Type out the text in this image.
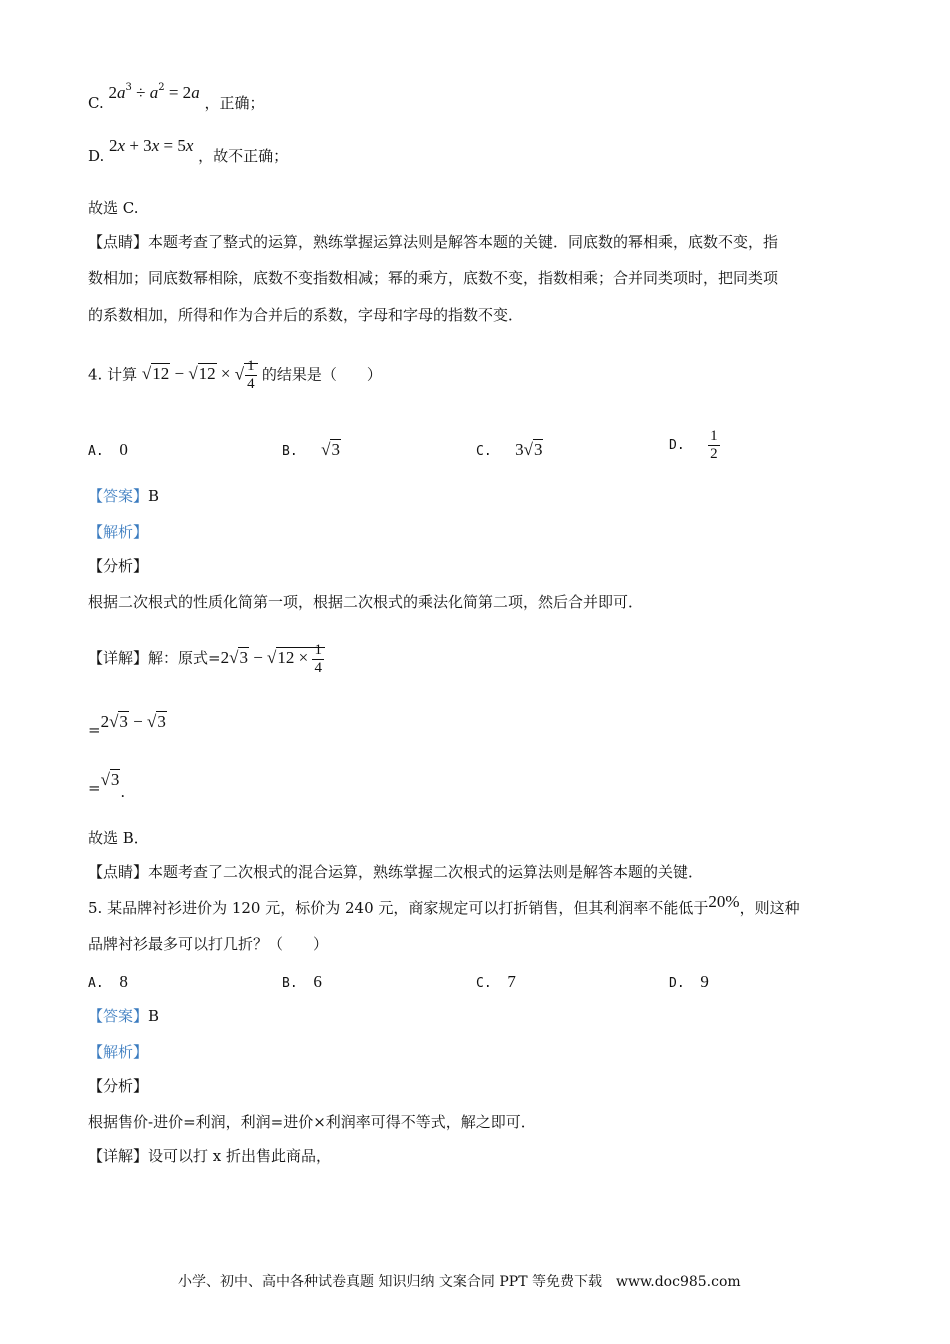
C. $2a^3 \div a^2 = 2a$ ，正确；
D. 2x + 3x = 5x ，故不正确；
故选 C.
【点睛】本题考查了整式的运算，熟练掌握运算法则是解答本题的关键．同底数的幂相乘，底数不变，指
数相加；同底数幂相除，底数不变指数相减；幂的乘方，底数不变，指数相乘；合并同类项时，把同类项
的系数相加，所得和作为合并后的系数，字母和字母的指数不变．
4. 计算 √12 − √12 × √ $\frac{1}{4}$ 的结果是（　　）
A. 0	B. √3	C. 3√3	D. $\frac{1}{2}$
【答案】B
【解析】
【分析】
根据二次根式的性质化简第一项，根据二次根式的乘法化简第二项，然后合并即可．
【详解】解：原式$=2√3 - √12 \times \frac{1}{4}$
=2√3 − √3
=√3.
故选 B．
【点睛】本题考查了二次根式的混合运算，熟练掌握二次根式的运算法则是解答本题的关键．
5. 某品牌衬衫进价为 120 元，标价为 240 元，商家规定可以打折销售，但其利润率不能低于20%，则这种
品牌衬衫最多可以打几折？（　　）
A. 8	B. 6	C. 7	D. 9
【答案】B
【解析】
【分析】
根据售价-进价=利润，利润=进价×利润率可得不等式，解之即可．
【详解】设可以打 x 折出售此商品，
小学、初中、高中各种试卷真题 知识归纳 文案合同 PPT 等免费下载　www.doc985.com
